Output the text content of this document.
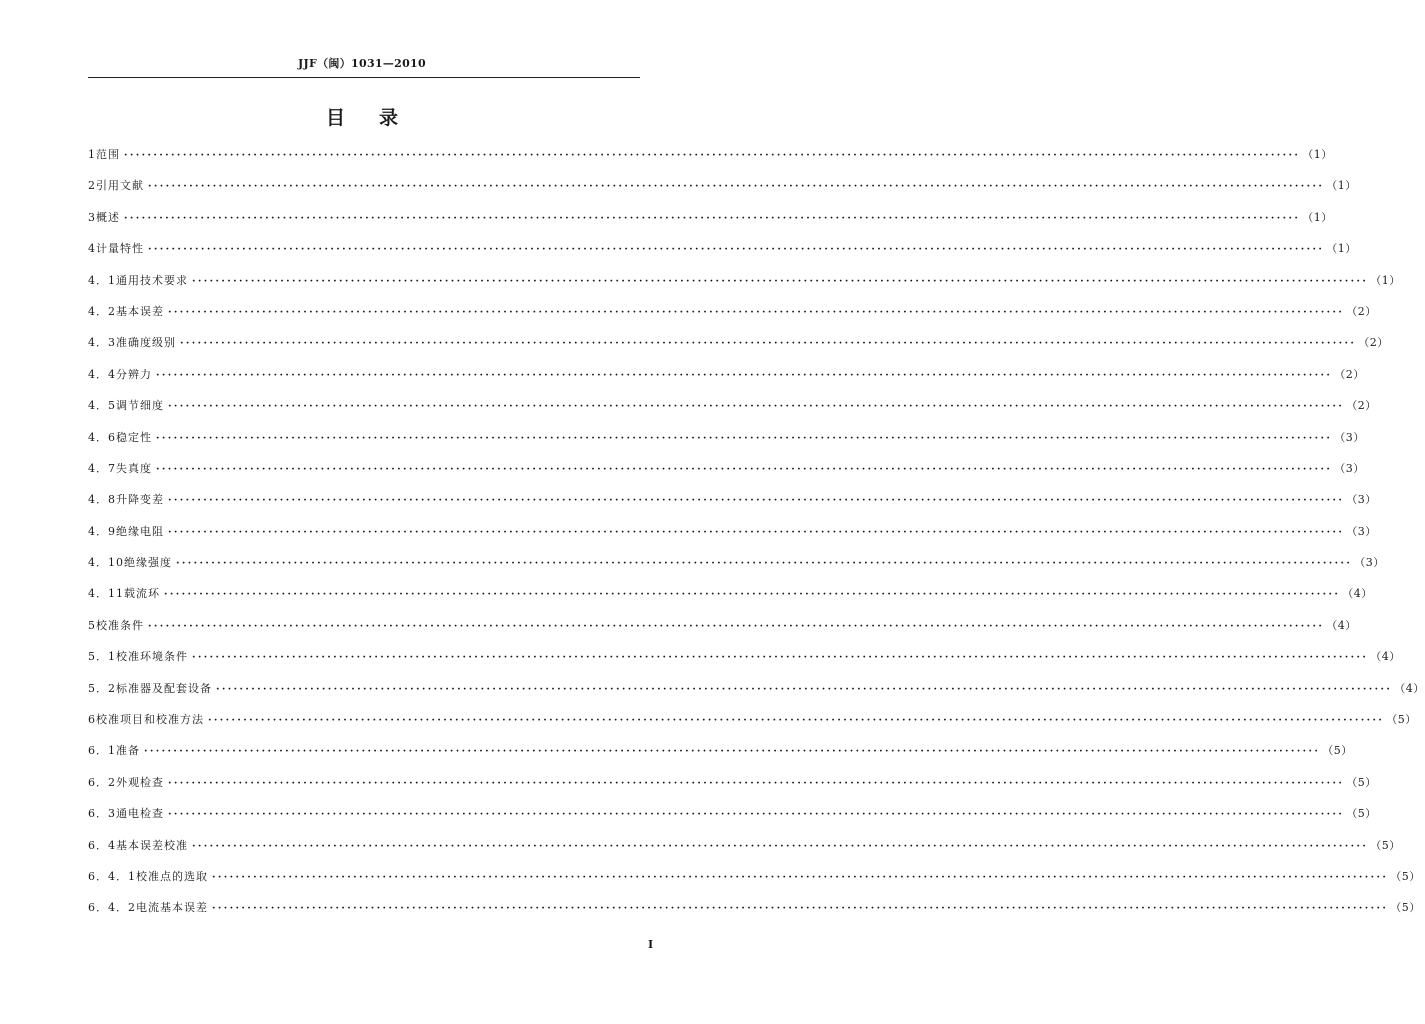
JJF（闽）1031—2010
目录
1 范围 ········································································································································································································ （1）
2 引用文献 ········································································································································································································ （1）
3 概述 ········································································································································································································ （1）
4 计量特性 ········································································································································································································ （1）
4．1 通用技术要求 ········································································································································································································ （1）
4．2 基本误差 ········································································································································································································ （2）
4．3 准确度级别 ········································································································································································································ （2）
4．4 分辨力 ········································································································································································································ （2）
4．5 调节细度 ········································································································································································································ （2）
4．6 稳定性 ········································································································································································································ （3）
4．7 失真度 ········································································································································································································ （3）
4．8 升降变差 ········································································································································································································ （3）
4．9 绝缘电阻 ········································································································································································································ （3）
4．10 绝缘强度 ········································································································································································································ （3）
4．11 载流环 ········································································································································································································ （4）
5 校准条件 ········································································································································································································ （4）
5．1 校准环境条件 ········································································································································································································ （4）
5．2 标准器及配套设备 ········································································································································································································ （4）
6 校准项目和校准方法 ········································································································································································································ （5）
6．1 准备 ········································································································································································································ （5）
6．2 外观检查 ········································································································································································································ （5）
6．3 通电检查 ········································································································································································································ （5）
6．4 基本误差校准 ········································································································································································································ （5）
6．4．1 校准点的选取 ········································································································································································································ （5）
6．4．2 电流基本误差 ········································································································································································································ （5）
I
